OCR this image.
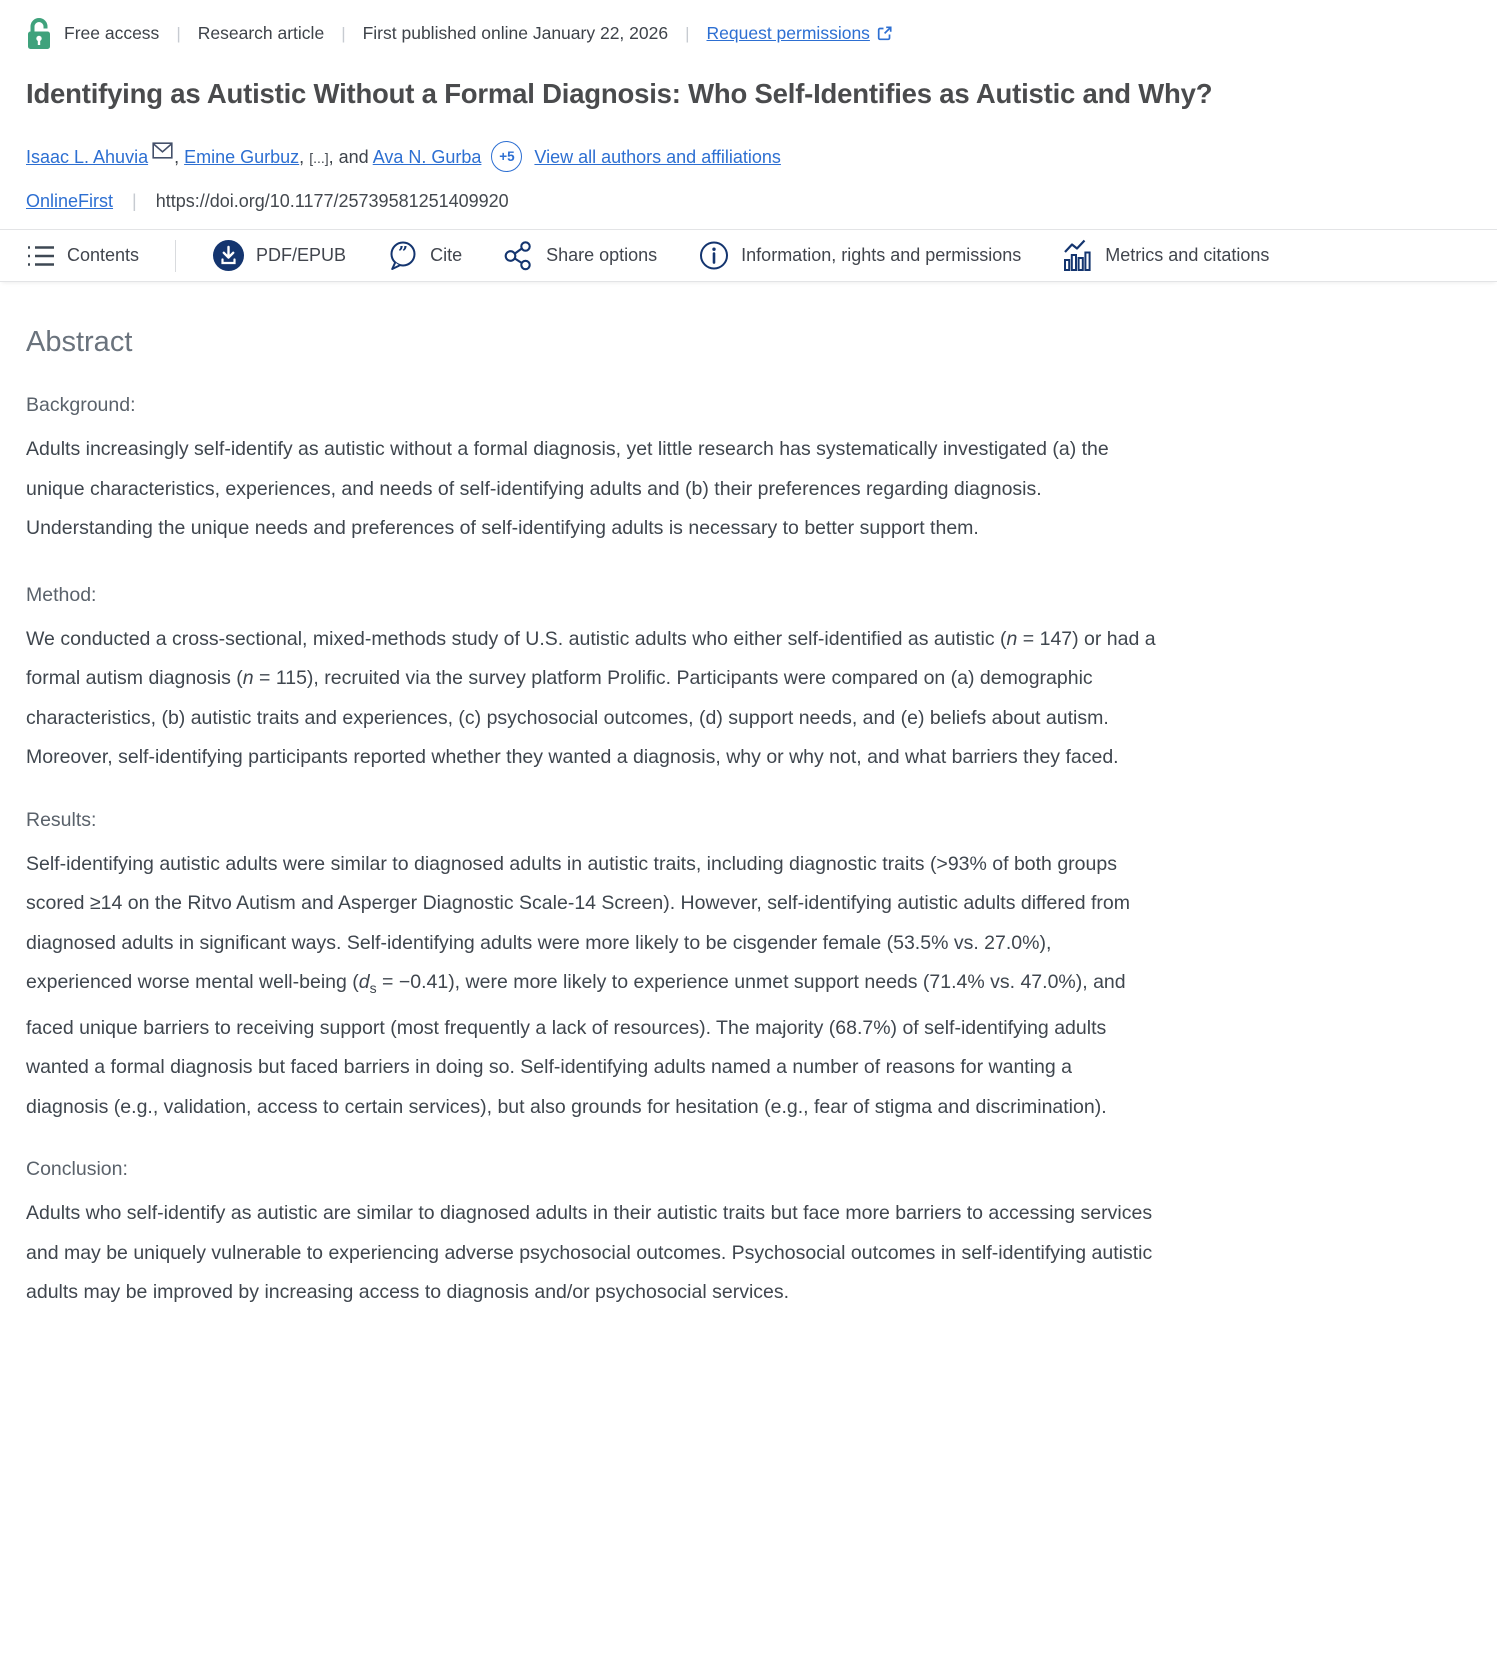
Free access | Research article | First published online January 22, 2026 | Request permissions
Identifying as Autistic Without a Formal Diagnosis: Who Self-Identifies as Autistic and Why?
Isaac L. Ahuvia , Emine Gurbuz, [...], and Ava N. Gurba +5 View all authors and affiliations
OnlineFirst | https://doi.org/10.1177/25739581251409920
Contents	PDF/EPUB	” Cite	Share options	Information, rights and permissions	Metrics and citations
Abstract
Background:

Adults increasingly self-identify as autistic without a formal diagnosis, yet little research has systematically investigated (a) the unique characteristics, experiences, and needs of self-identifying adults and (b) their preferences regarding diagnosis. Understanding the unique needs and preferences of self-identifying adults is necessary to better support them.

Method:

We conducted a cross-sectional, mixed-methods study of U.S. autistic adults who either self-identified as autistic (n = 147) or had a formal autism diagnosis (n = 115), recruited via the survey platform Prolific. Participants were compared on (a) demographic characteristics, (b) autistic traits and experiences, (c) psychosocial outcomes, (d) support needs, and (e) beliefs about autism. Moreover, self-identifying participants reported whether they wanted a diagnosis, why or why not, and what barriers they faced.

Results:

Self-identifying autistic adults were similar to diagnosed adults in autistic traits, including diagnostic traits (>93% of both groups scored ≥14 on the Ritvo Autism and Asperger Diagnostic Scale-14 Screen). However, self-identifying autistic adults differed from diagnosed adults in significant ways. Self-identifying adults were more likely to be cisgender female (53.5% vs. 27.0%), experienced worse mental well-being $(d_s = -0.41)$, were more likely to experience unmet support needs (71.4% vs. 47.0%), and faced unique barriers to receiving support (most frequently a lack of resources). The majority (68.7%) of self-identifying adults wanted a formal diagnosis but faced barriers in doing so. Self-identifying adults named a number of reasons for wanting a diagnosis (e.g., validation, access to certain services), but also grounds for hesitation (e.g., fear of stigma and discrimination).

Conclusion:

Adults who self-identify as autistic are similar to diagnosed adults in their autistic traits but face more barriers to accessing services and may be uniquely vulnerable to experiencing adverse psychosocial outcomes. Psychosocial outcomes in self-identifying autistic adults may be improved by increasing access to diagnosis and/or psychosocial services.
